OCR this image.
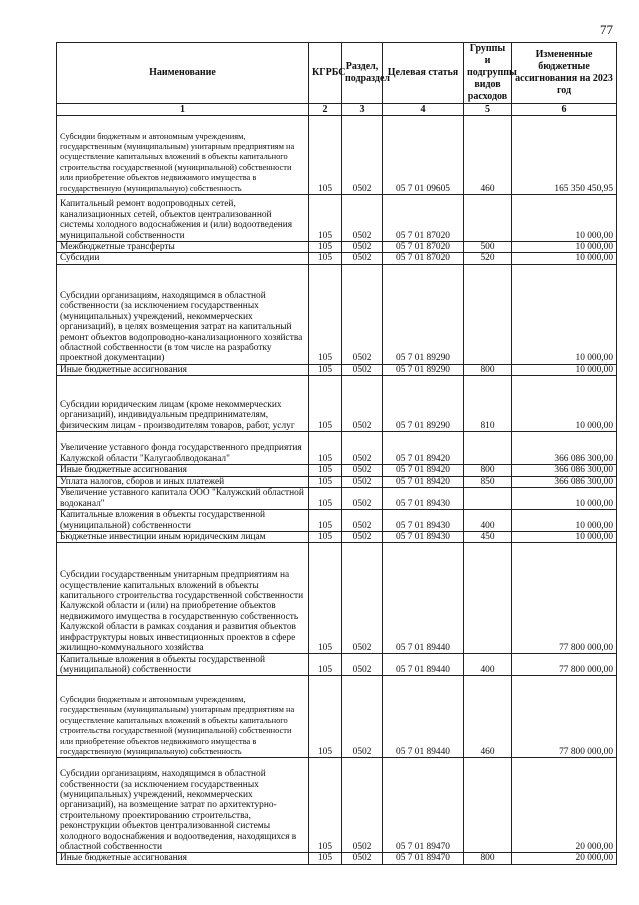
77
Наименование	КГРБС	Раздел, подраздел	Целевая статья	Группы и подгруппы видов расходов	Измененные бюджетные ассигнования на 2023 год
1	2	3	4	5	6
Субсидии бюджетным и автономным учреждениям, государственным (муниципальным) унитарным предприятиям на осуществление капитальных вложений в объекты капитального строительства государственной (муниципальной) собственности или приобретение объектов недвижимого имущества в государственную (муниципальную) собственность	105	0502	05 7 01 09605	460	165 350 450,95
Капитальный ремонт водопроводных сетей, канализационных сетей, объектов централизованной системы холодного водоснабжения и (или) водоотведения муниципальной собственности	105	0502	05 7 01 87020		10 000,00
Межбюджетные трансферты	105	0502	05 7 01 87020	500	10 000,00
Субсидии	105	0502	05 7 01 87020	520	10 000,00
Субсидии организациям, находящимся в областной собственности (за исключением государственных (муниципальных) учреждений, некоммерческих организаций), в целях возмещения затрат на капитальный ремонт объектов водопроводно-канализационного хозяйства областной собственности (в том числе на разработку проектной документации)	105	0502	05 7 01 89290		10 000,00
Иные бюджетные ассигнования	105	0502	05 7 01 89290	800	10 000,00
Субсидии юридическим лицам (кроме некоммерческих организаций), индивидуальным предпринимателям, физическим лицам - производителям товаров, работ, услуг	105	0502	05 7 01 89290	810	10 000,00
Увеличение уставного фонда государственного предприятия Калужской области "Калугаоблводоканал"	105	0502	05 7 01 89420		366 086 300,00
Иные бюджетные ассигнования	105	0502	05 7 01 89420	800	366 086 300,00
Уплата налогов, сборов и иных платежей	105	0502	05 7 01 89420	850	366 086 300,00
Увеличение уставного капитала ООО "Калужский областной водоканал"	105	0502	05 7 01 89430		10 000,00
Капитальные вложения в объекты государственной (муниципальной) собственности	105	0502	05 7 01 89430	400	10 000,00
Бюджетные инвестиции иным юридическим лицам	105	0502	05 7 01 89430	450	10 000,00
Субсидии государственным унитарным предприятиям на осуществление капитальных вложений в объекты капитального строительства государственной собственности Калужской области и (или) на приобретение объектов недвижимого имущества в государственную собственность Калужской области в рамках создания и развития объектов инфраструктуры новых инвестиционных проектов в сфере жилищно-коммунального хозяйства	105	0502	05 7 01 89440		77 800 000,00
Капитальные вложения в объекты государственной (муниципальной) собственности	105	0502	05 7 01 89440	400	77 800 000,00
Субсидии бюджетным и автономным учреждениям, государственным (муниципальным) унитарным предприятиям на осуществление капитальных вложений в объекты капитального строительства государственной (муниципальной) собственности или приобретение объектов недвижимого имущества в государственную (муниципальную) собственность	105	0502	05 7 01 89440	460	77 800 000,00
Субсидии организациям, находящимся в областной собственности (за исключением государственных (муниципальных) учреждений, некоммерческих организаций), на возмещение затрат по архитектурно-строительному проектированию строительства, реконструкции объектов централизованной системы холодного водоснабжения и водоотведения, находящихся в областной собственности	105	0502	05 7 01 89470		20 000,00
Иные бюджетные ассигнования	105	0502	05 7 01 89470	800	20 000,00
